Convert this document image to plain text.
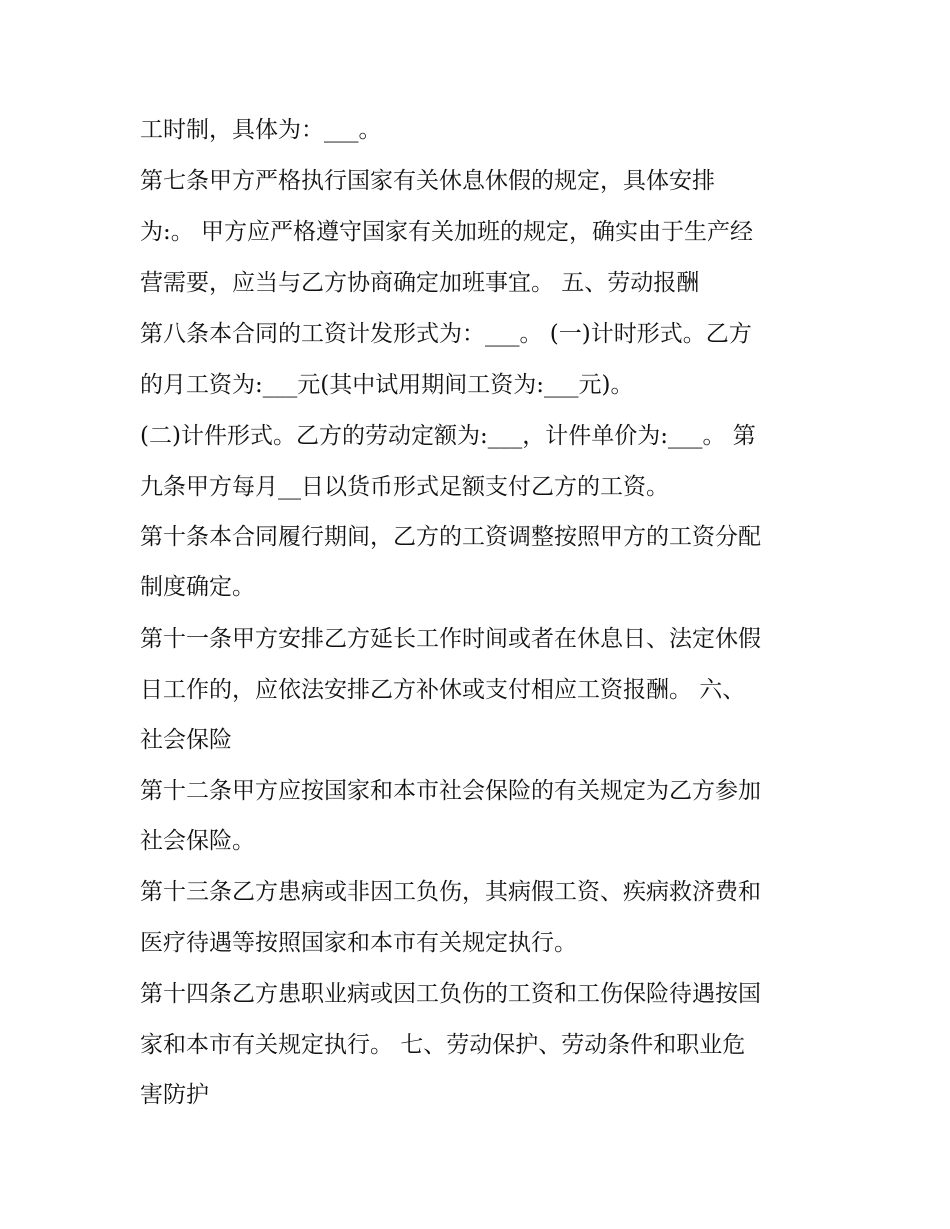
工时制，具体为：___。
第七条甲方严格执行国家有关休息休假的规定，具体安排
为:。 甲方应严格遵守国家有关加班的规定，确实由于生产经
营需要，应当与乙方协商确定加班事宜。 五、劳动报酬
第八条本合同的工资计发形式为：___。 (一)计时形式。乙方
的月工资为:___元(其中试用期间工资为:___元)。
(二)计件形式。乙方的劳动定额为:___，计件单价为:___。 第
九条甲方每月__日以货币形式足额支付乙方的工资。
第十条本合同履行期间，乙方的工资调整按照甲方的工资分配
制度确定。
第十一条甲方安排乙方延长工作时间或者在休息日、法定休假
日工作的，应依法安排乙方补休或支付相应工资报酬。 六、
社会保险
第十二条甲方应按国家和本市社会保险的有关规定为乙方参加
社会保险。
第十三条乙方患病或非因工负伤，其病假工资、疾病救济费和
医疗待遇等按照国家和本市有关规定执行。
第十四条乙方患职业病或因工负伤的工资和工伤保险待遇按国
家和本市有关规定执行。 七、劳动保护、劳动条件和职业危
害防护
